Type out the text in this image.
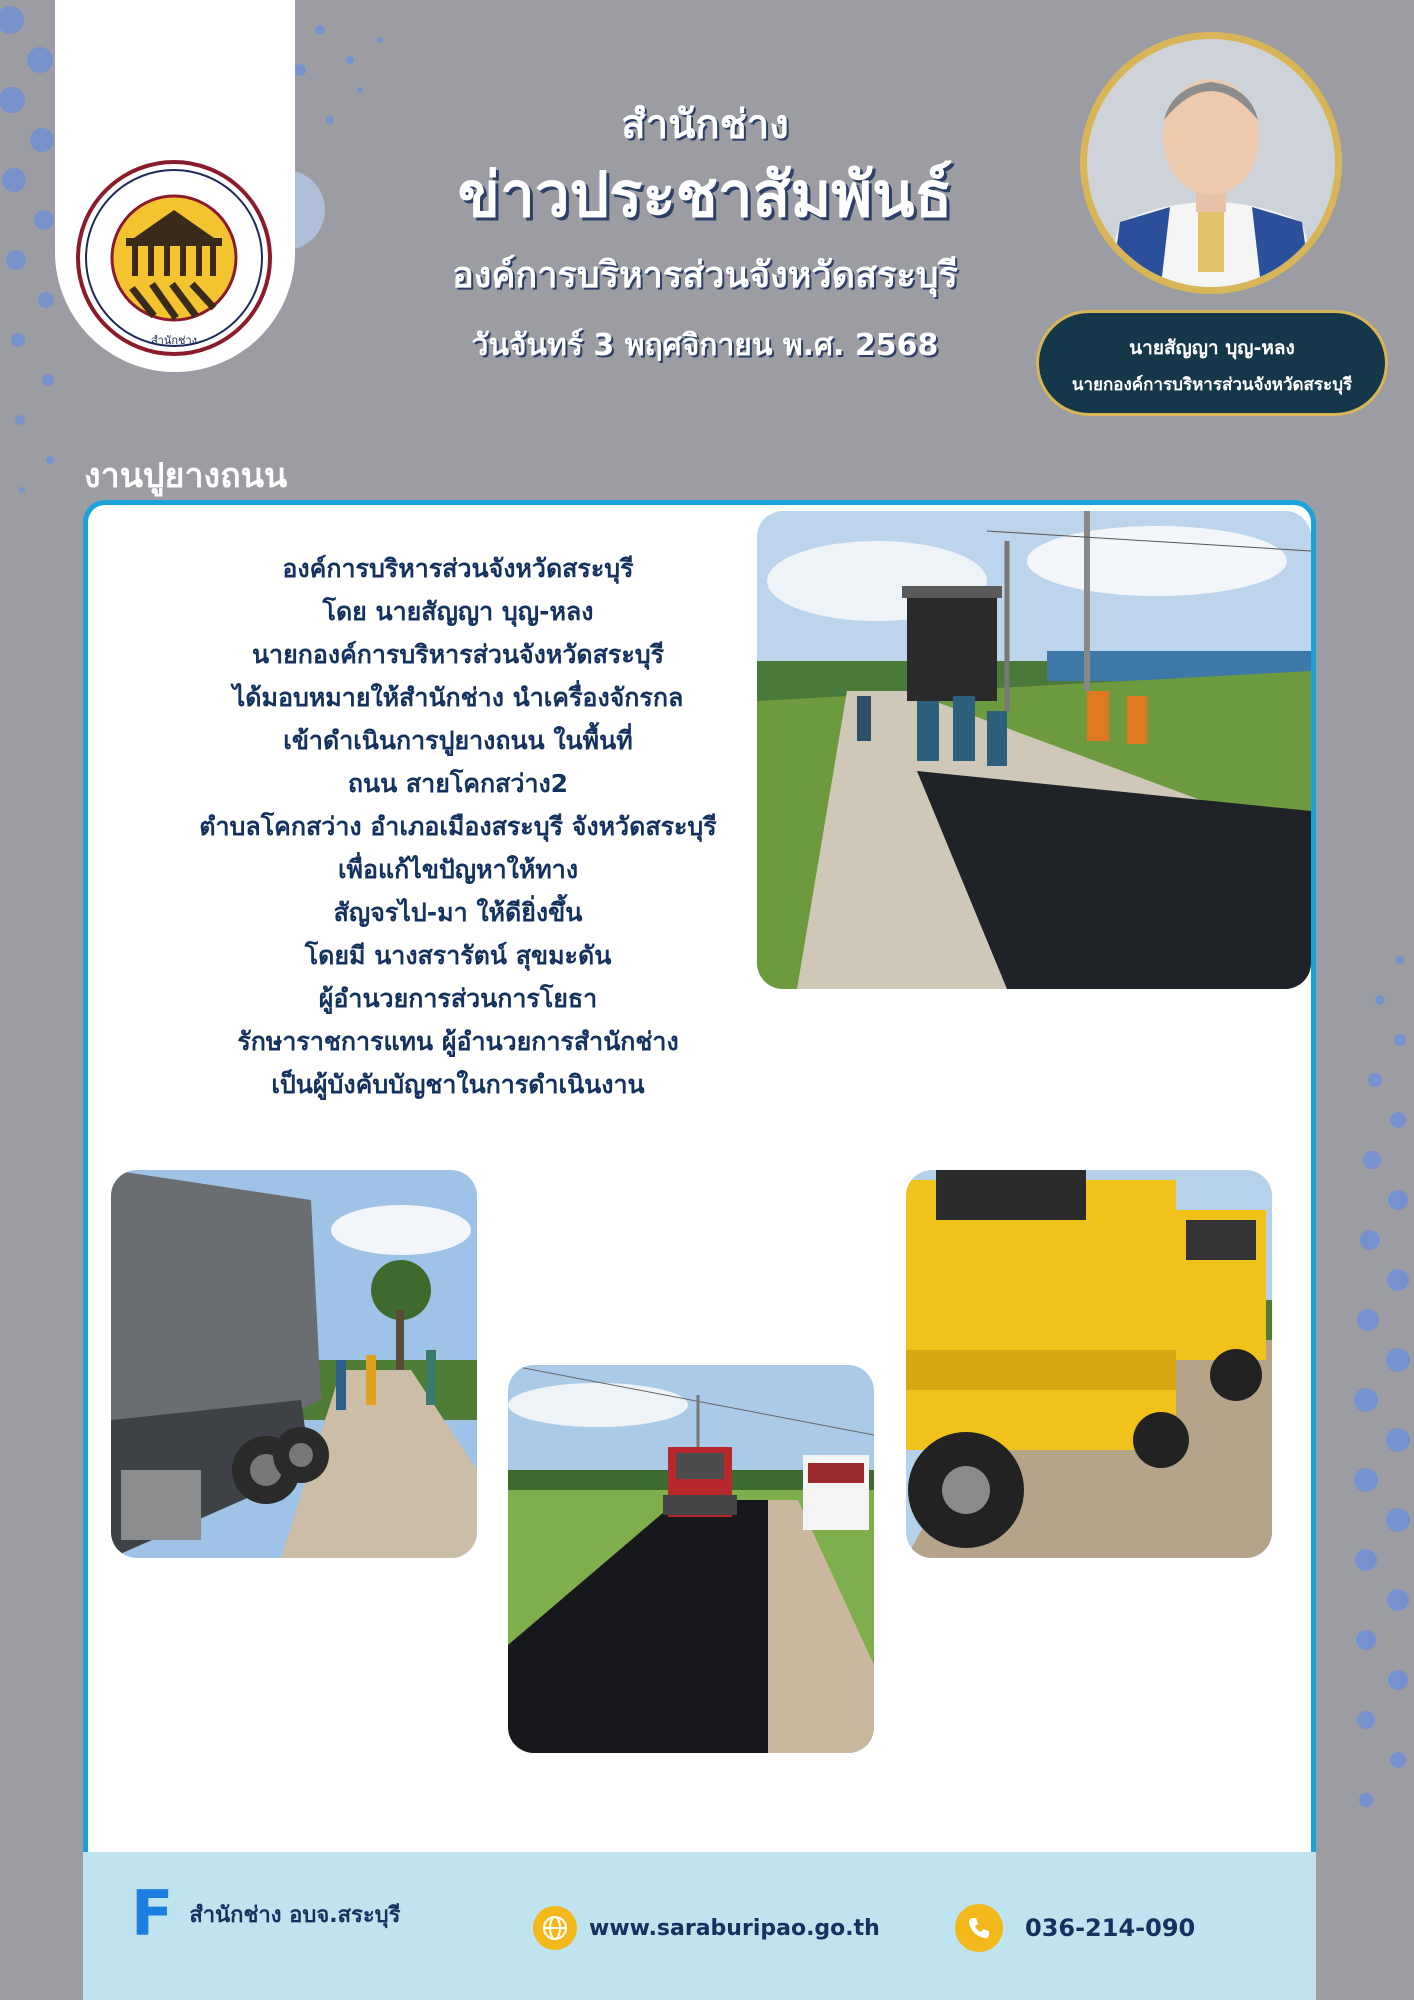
สำนักช่าง
สำนักช่าง
ข่าวประชาสัมพันธ์
องค์การบริหารส่วนจังหวัดสระบุรี
วันจันทร์ 3 พฤศจิกายน พ.ศ. 2568	นายสัญญา บุญ-หลง
นายกองค์การบริหารส่วนจังหวัดสระบุรี
งานปูยางถนน
องค์การบริหารส่วนจังหวัดสระบุรี
โดย นายสัญญา บุญ-หลง
นายกองค์การบริหารส่วนจังหวัดสระบุรี
ได้มอบหมายให้สำนักช่าง นำเครื่องจักรกล
เข้าดำเนินการปูยางถนน ในพื้นที่
ถนน สายโคกสว่าง2
ตำบลโคกสว่าง อำเภอเมืองสระบุรี จังหวัดสระบุรี
เพื่อแก้ไขปัญหาให้ทาง
สัญจรไป-มา ให้ดียิ่งขึ้น
โดยมี นางสรารัตน์ สุขมะดัน
ผู้อำนวยการส่วนการโยธา
รักษาราชการแทน ผู้อำนวยการสำนักช่าง
เป็นผู้บังคับบัญชาในการดำเนินงาน
F สำนักช่าง อบจ.สระบุรี
www.saraburipao.go.th	036-214-090
